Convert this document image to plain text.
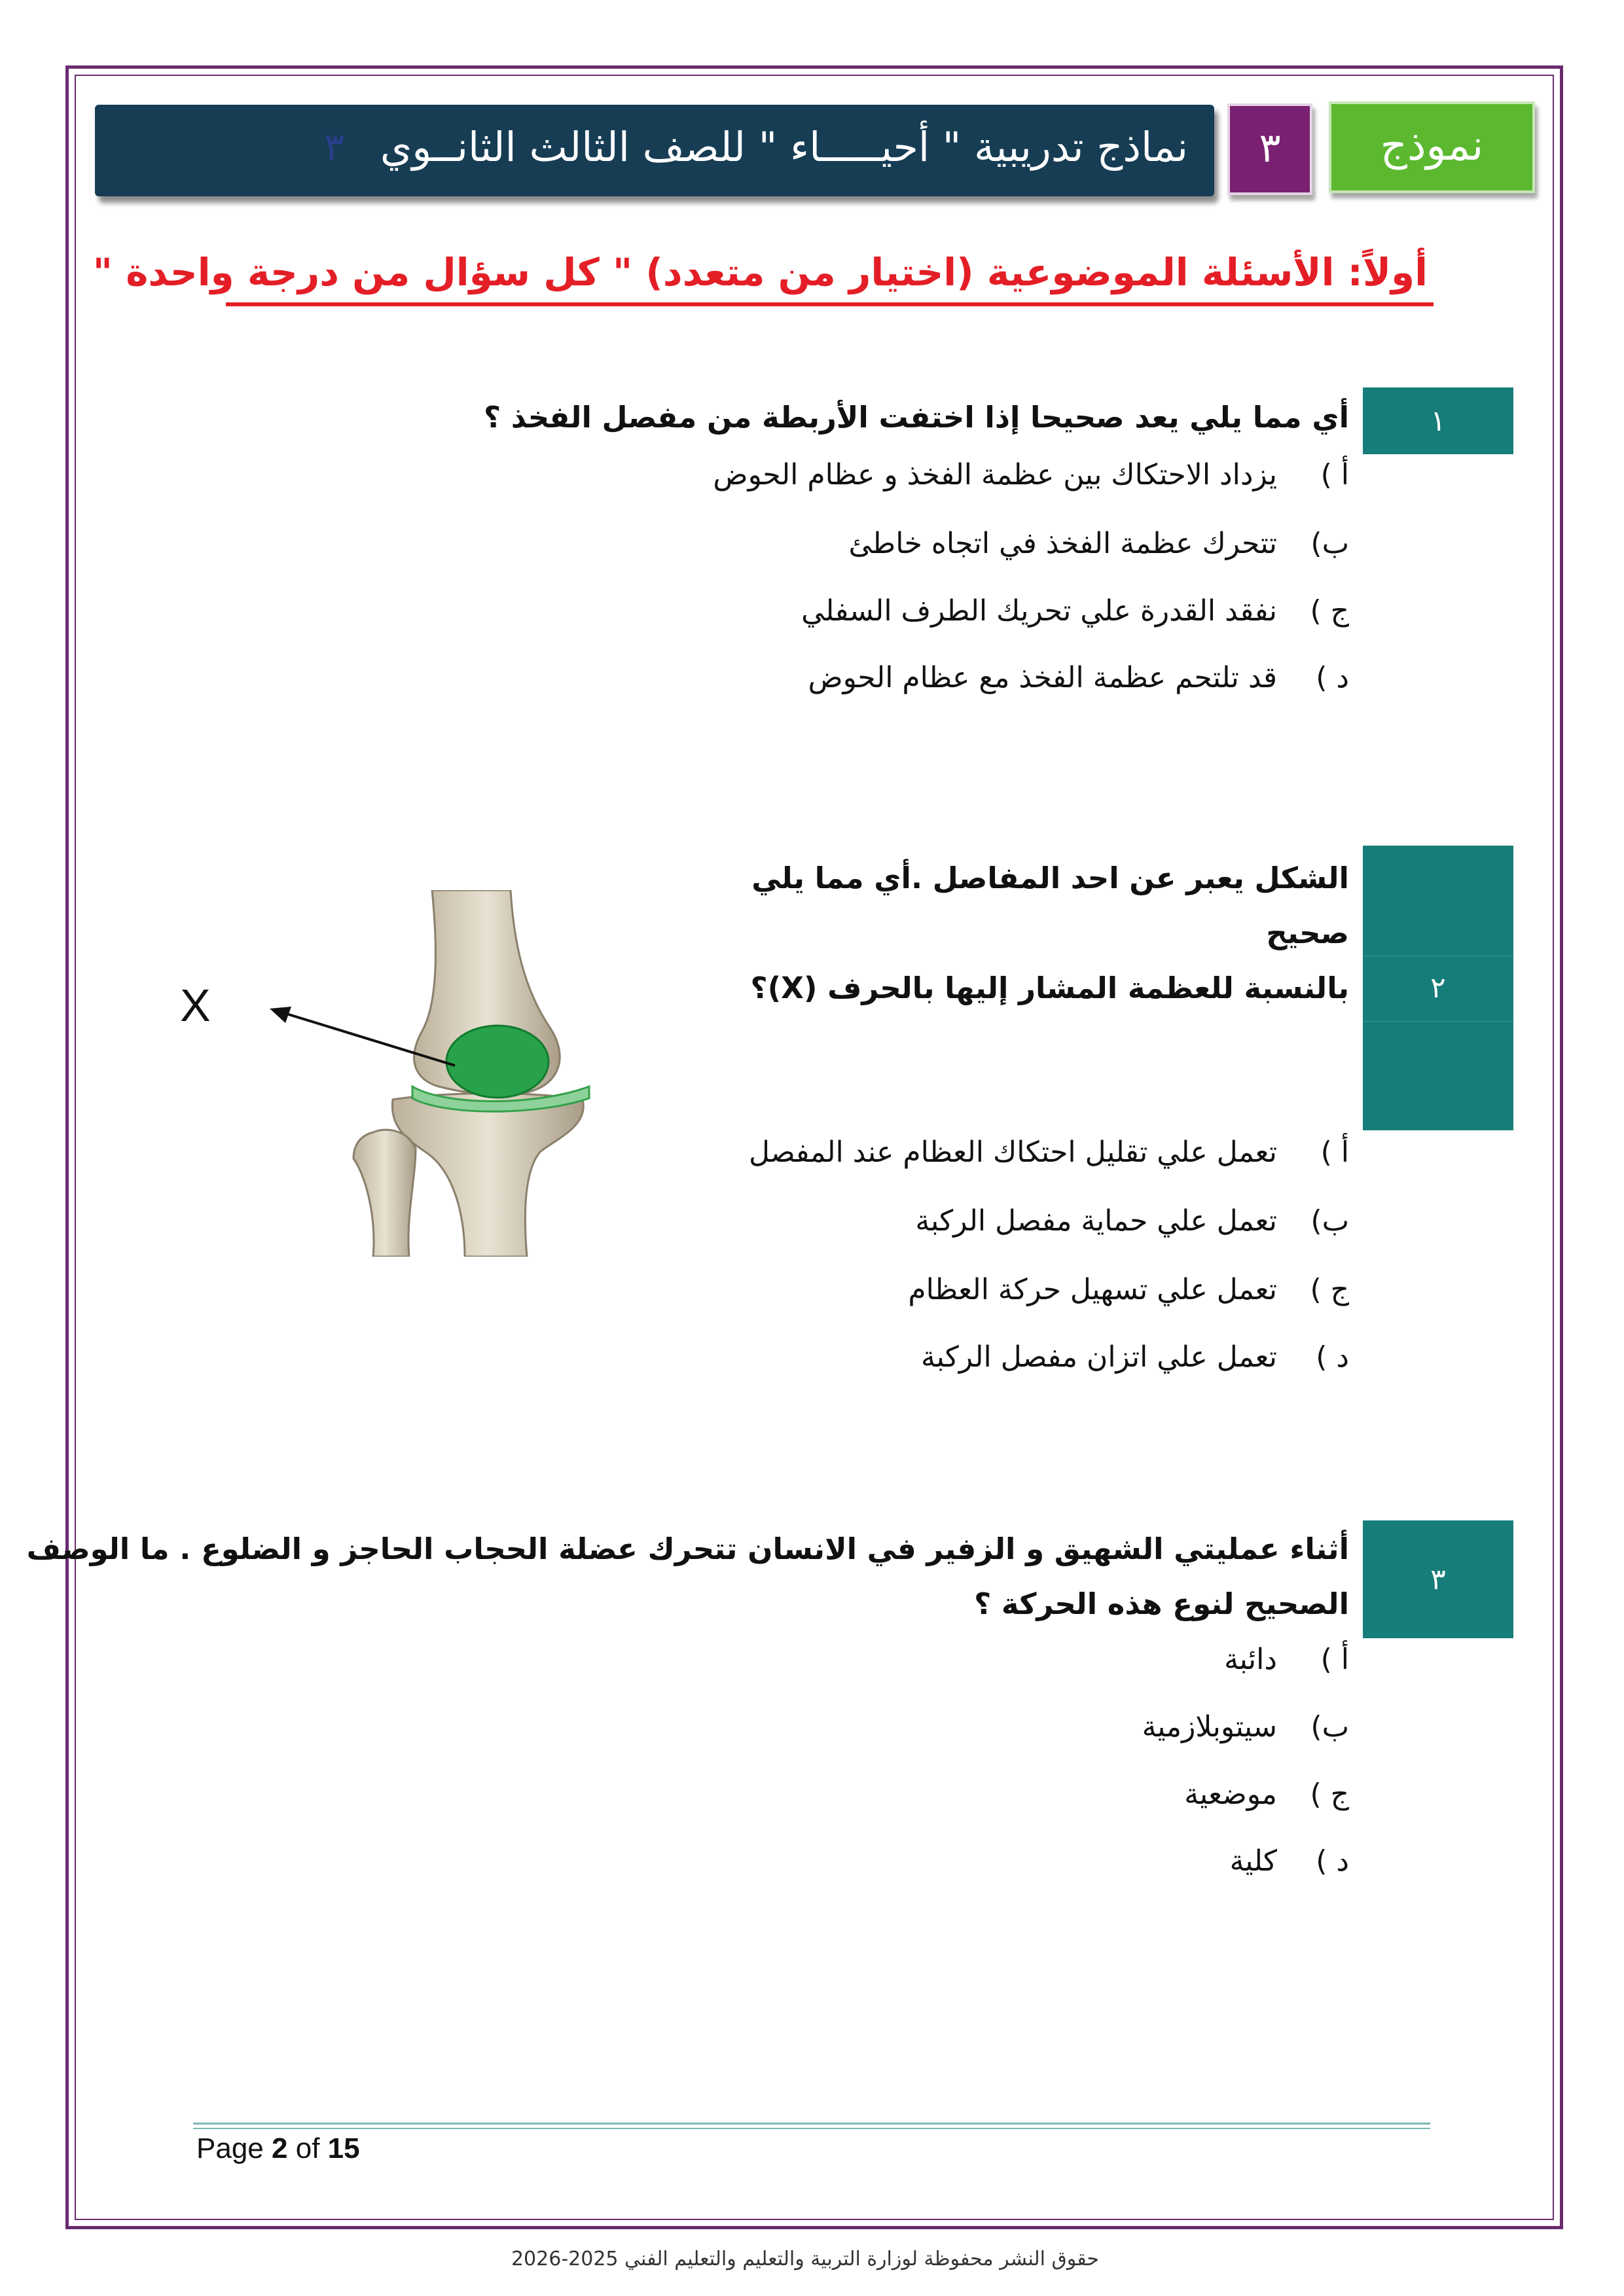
٣ نماذج تدريبية " أحيـــــاء " للصف الثالث الثانــوي	٣	نموذج
أولاً: الأسئلة الموضوعية (اختيار من متعدد) " كل سؤال من درجة واحدة "
١
أي مما يلي يعد صحيحا إذا اختفت الأربطة من مفصل الفخذ ؟
أ )يزداد الاحتكاك بين عظمة الفخذ و عظام الحوض
ب)تتحرك عظمة الفخذ في اتجاه خاطئ
ج )نفقد القدرة علي تحريك الطرف السفلي
د )قد تلتحم عظمة الفخذ مع عظام الحوض
٢
الشكل يعبر عن احد المفاصل .أي مما يلي صحيح
بالنسبة للعظمة المشار إليها بالحرف (X)؟
X
أ )تعمل علي تقليل احتكاك العظام عند المفصل
ب)تعمل علي حماية مفصل الركبة
ج )تعمل علي تسهيل حركة العظام
د )تعمل علي اتزان مفصل الركبة
٣
أثناء عمليتي الشهيق و الزفير في الانسان تتحرك عضلة الحجاب الحاجز و الضلوع . ما الوصف
الصحيح لنوع هذه الحركة ؟
أ )دائبة
ب)سيتوبلازمية
ج )موضعية
د )كلية
Page 2 of 15
حقوق النشر محفوظة لوزارة التربية والتعليم والتعليم الفني 2025-2026
